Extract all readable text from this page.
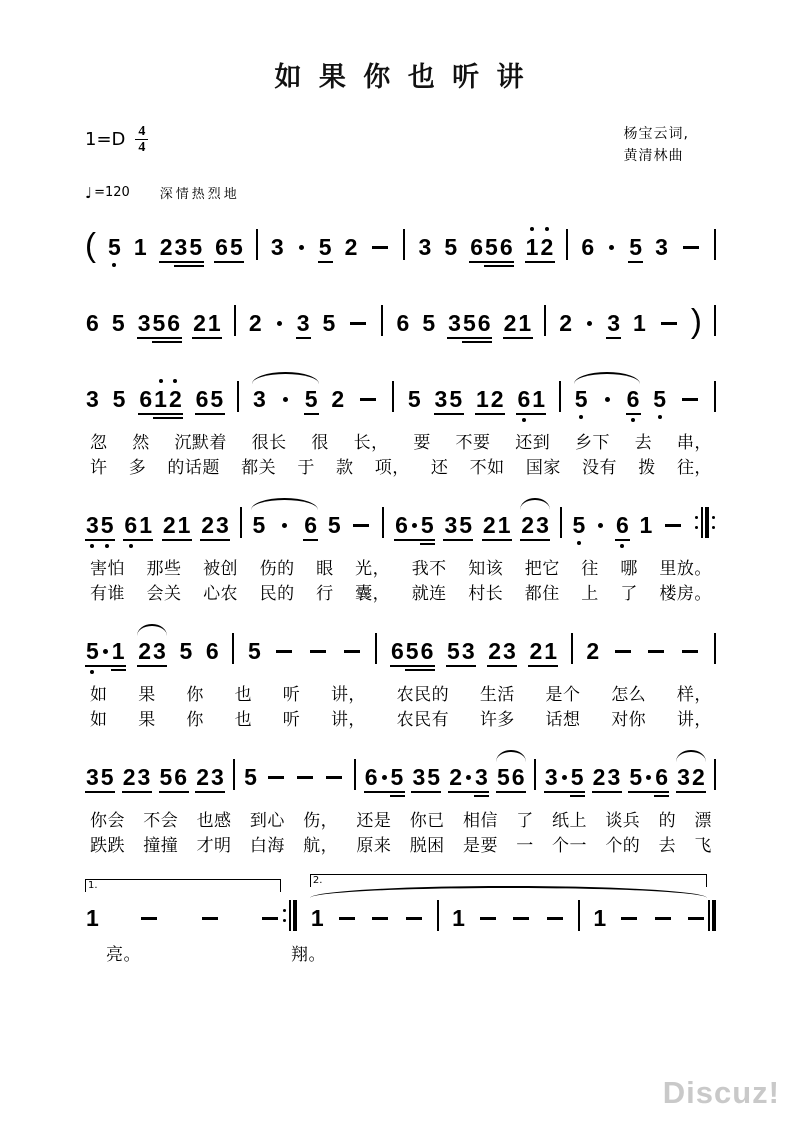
如 果 你 也 听 讲
$1=D \frac{4}{4}$	杨宝云词,
黄清林曲
♩ =120 深情热烈地
( 5 1 2 3 5 6 5 3 5 2	3 5 6 5 6 1 2 6 5 3
6 5 3 5 6 2 1 2 3 5	6 5 3 5 6 2 1 2 3 1 )
3 5 6 1 2 6 5 3 5 2	5 3 5 1 2 6 1 5 6 5
忽 然 沉默着 很长 很 长， 要 不要 还到 乡下 去 串，
许 多 的话题 都关 于 款 项， 还 不如 国家 没有 拨 往，
3 5 6 1 2 1 2 3 5 6 5 6 5 3 5 2 1 2 3 5 6 1
害怕 那些 被创 伤的 眼 光， 我不 知该 把它 往 哪 里放。
有谁 会关 心农 民的 行 囊， 就连 村长 都住 上 了 楼房。
5 1 2 3 5 6 5	6 5 6 5 3 2 3 2 1 2
如 果 你 也 听 讲， 农民的 生活 是个 怎么 样，
如 果 你 也 听 讲， 农民有 许多 话想 对你 讲，
3 5 2 3 5 6 2 3 5	6 5 3 5 2 3 5 6 3 5 2 3 5 6 3 2
你会 不会 也感 到心 伤， 还是 你已 相信 了 纸上 谈兵 的 漂
跌跌 撞撞 才明 白海 航， 原来 脱困 是要 一 个一 个的 去 飞
1.
1
2.
1	1	1
亮。	翔。
Discuz!
